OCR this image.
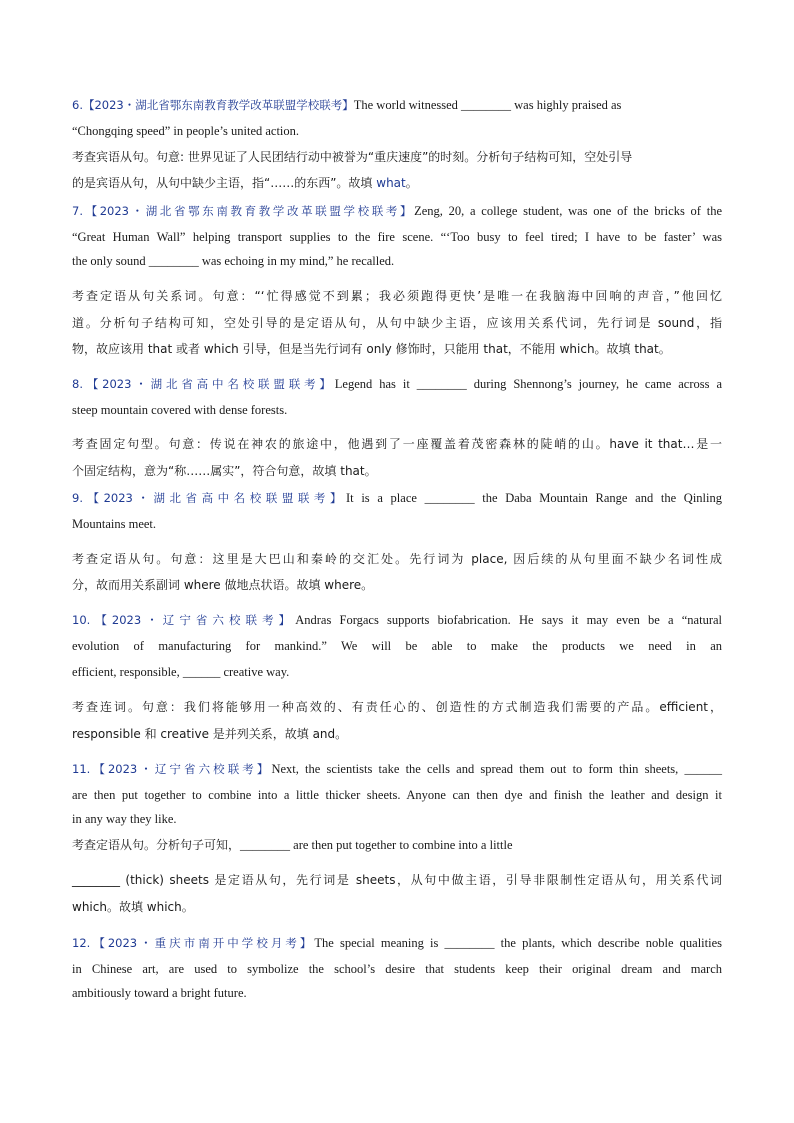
6.【2023・湖北省鄂东南教育教学改革联盟学校联考】The world witnessed ________ was highly praised as
“Chongqing speed” in people’s united action.
考查宾语从句。句意: 世界见证了人民团结行动中被誉为“重庆速度”的时刻。分析句子结构可知，空处引导
的是宾语从句，从句中缺少主语，指“……的东西”。故填 what。
7.【2023・湖北省鄂东南教育教学改革联盟学校联考】Zeng, 20, a college student, was one of the bricks of the
“Great Human Wall” helping transport supplies to the fire scene. “‘Too busy to feel tired; I have to be faster’ was
the only sound ________ was echoing in my mind,” he recalled.
考查定语从句关系词。句意：“‘忙得感觉不到累；我必须跑得更快’是唯一在我脑海中回响的声音，”他回忆
道。分析句子结构可知，空处引导的是定语从句，从句中缺少主语，应该用关系代词，先行词是 sound，指
物，故应该用 that 或者 which 引导，但是当先行词有 only 修饰时，只能用 that，不能用 which。故填 that。
8.【2023・湖北省高中名校联盟联考】Legend has it ________ during Shennong’s journey, he came across a
steep mountain covered with dense forests.
考查固定句型。句意：传说在神农的旅途中，他遇到了一座覆盖着茂密森林的陡峭的山。have it that…是一
个固定结构，意为“称……属实”，符合句意，故填 that。
9.【2023・湖北省高中名校联盟联考】It is a place ________ the Daba Mountain Range and the Qinling
Mountains meet.
考查定语从句。句意：这里是大巴山和秦岭的交汇处。先行词为 place, 因后续的从句里面不缺少名词性成
分，故而用关系副词 where 做地点状语。故填 where。
10.【2023・辽宁省六校联考】Andras Forgacs supports biofabrication. He says it may even be a “natural
evolution of manufacturing for mankind.” We will be able to make the products we need in an
efficient, responsible, ______ creative way.
考查连词。句意：我们将能够用一种高效的、有责任心的、创造性的方式制造我们需要的产品。efficient，
responsible 和 creative 是并列关系，故填 and。
11.【2023・辽宁省六校联考】Next, the scientists take the cells and spread them out to form thin sheets, ______
are then put together to combine into a little thicker sheets. Anyone can then dye and finish the leather and design it
in any way they like.
考查定语从句。分析句子可知，________ are then put together to combine into a little
________ (thick) sheets 是定语从句，先行词是 sheets，从句中做主语，引导非限制性定语从句，用关系代词
which。故填 which。
12.【2023・重庆市南开中学校月考】The special meaning is ________ the plants, which describe noble qualities
in Chinese art, are used to symbolize the school’s desire that students keep their original dream and march
ambitiously toward a bright future.
